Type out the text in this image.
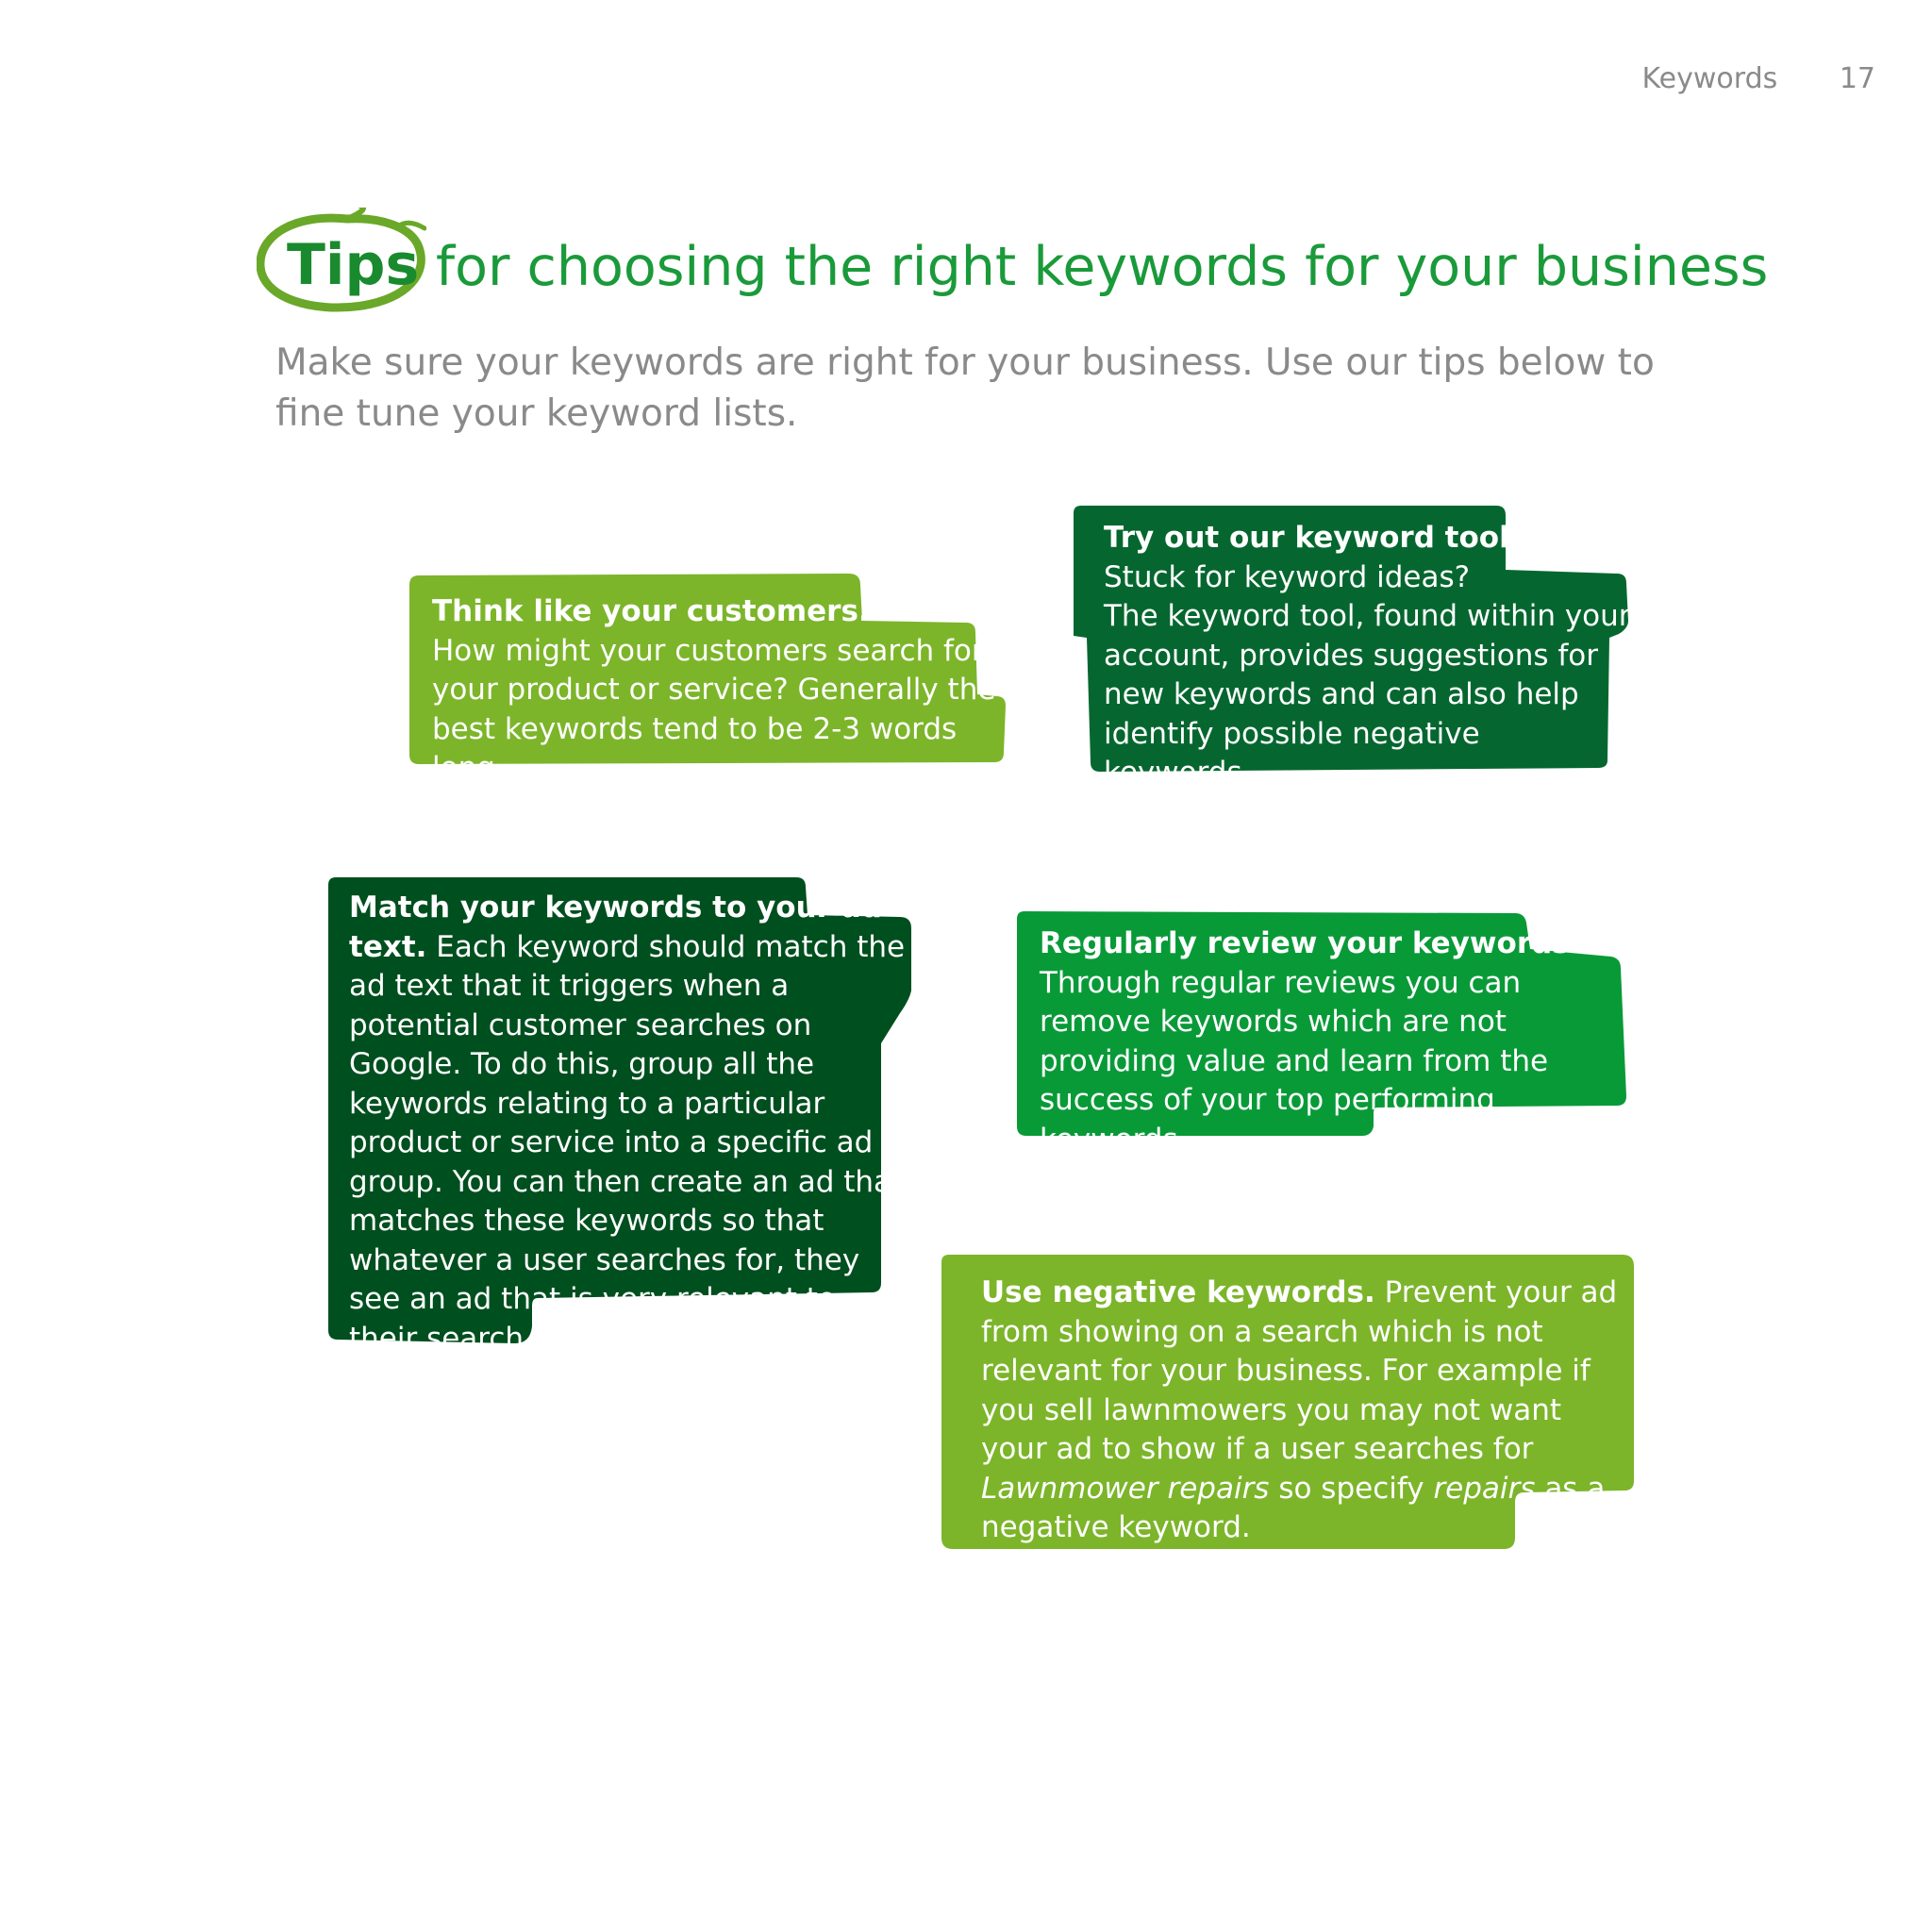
Keywords 17
Tips for choosing the right keywords for your business
Make sure your keywords are right for your business. Use our tips below to fine tune your keyword lists.
Think like your customers.
How might your customers search for your product or service? Generally the best keywords tend to be 2-3 words long.
Try out our keyword tool.
Stuck for keyword ideas?
The keyword tool, found within your account, provides suggestions for new keywords and can also help identify possible negative keywords.
Match your keywords to your ad text. Each keyword should match the ad text that it triggers when a potential customer searches on Google. To do this, group all the keywords relating to a particular product or service into a specific ad group. You can then create an ad that matches these keywords so that whatever a user searches for, they see an ad that is very relevant to their search.
Regularly review your keywords.
Through regular reviews you can remove keywords which are not providing value and learn from the success of your top performing keywords.
Use negative keywords. Prevent your ad from showing on a search which is not relevant for your business. For example if you sell lawnmowers you may not want your ad to show if a user searches for Lawnmower repairs so specify repairs as a negative keyword.
